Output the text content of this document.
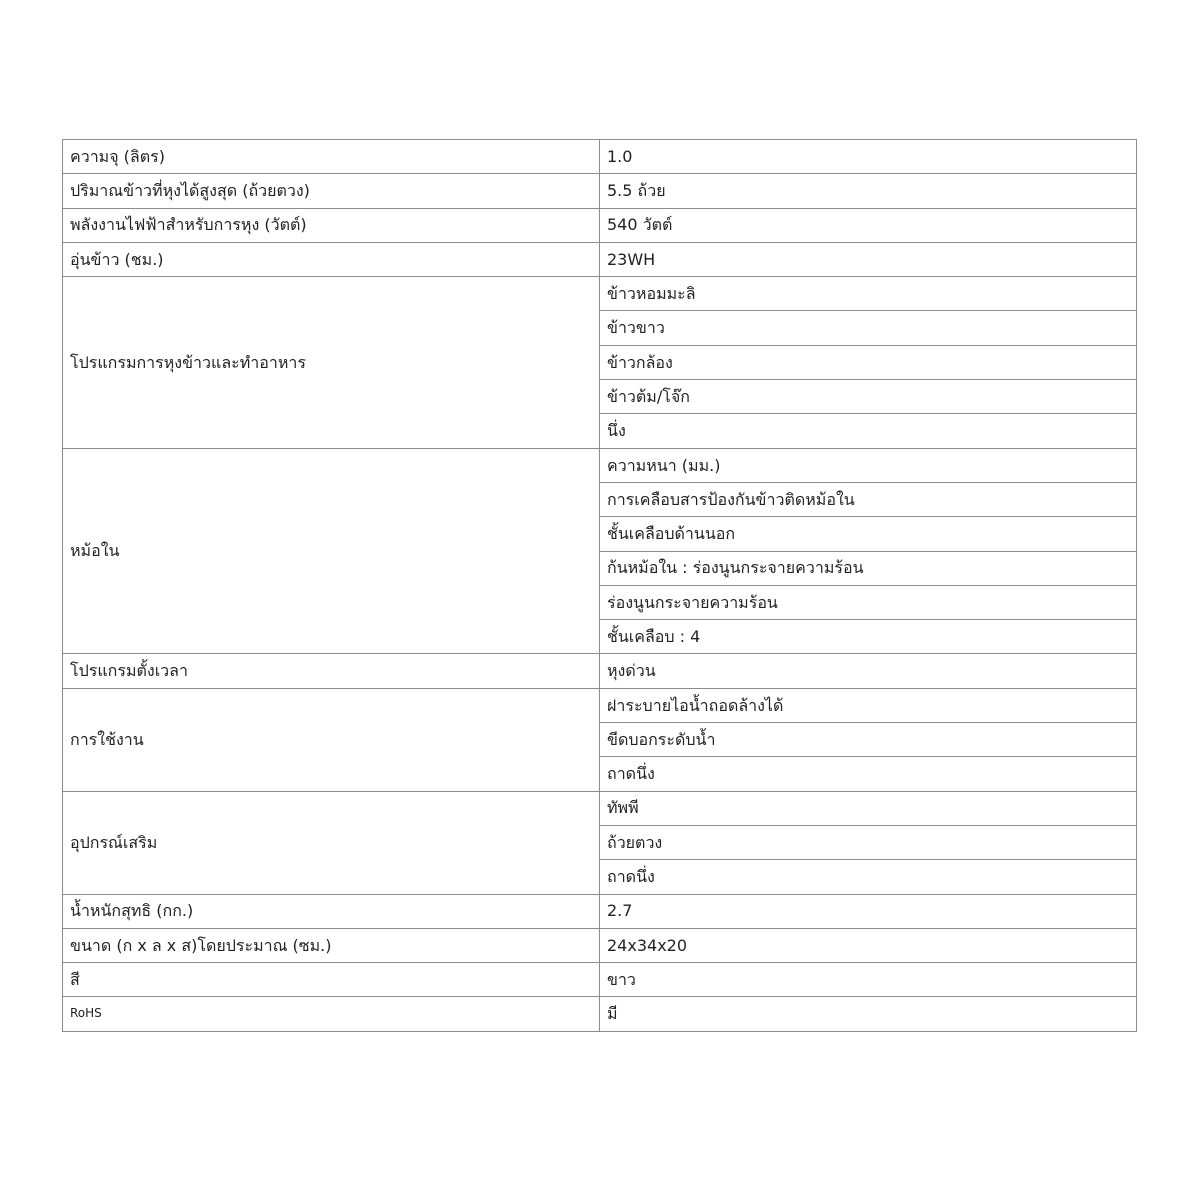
ความจุ (ลิตร)	1.0
ปริมาณข้าวที่หุงได้สูงสุด (ถ้วยตวง)	5.5 ถ้วย
พลังงานไฟฟ้าสำหรับการหุง (วัตต์)	540 วัตต์
อุ่นข้าว (ชม.)	23WH
โปรแกรมการหุงข้าวและทำอาหาร	ข้าวหอมมะลิ
	ข้าวขาว
	ข้าวกล้อง
	ข้าวต้ม/โจ๊ก
	นึ่ง
หม้อใน	ความหนา (มม.)
	การเคลือบสารป้องกันข้าวติดหม้อใน
	ชั้นเคลือบด้านนอก
	ก้นหม้อใน : ร่องนูนกระจายความร้อน
	ร่องนูนกระจายความร้อน
	ชั้นเคลือบ : 4
โปรแกรมตั้งเวลา	หุงด่วน
การใช้งาน	ฝาระบายไอน้ำถอดล้างได้
	ขีดบอกระดับน้ำ
	ถาดนึ่ง
อุปกรณ์เสริม	ทัพพี
	ถ้วยตวง
	ถาดนึ่ง
น้ำหนักสุทธิ (กก.)	2.7
ขนาด (ก x ล x ส)โดยประมาณ (ซม.)	24x34x20
สี	ขาว
RoHS	มี
